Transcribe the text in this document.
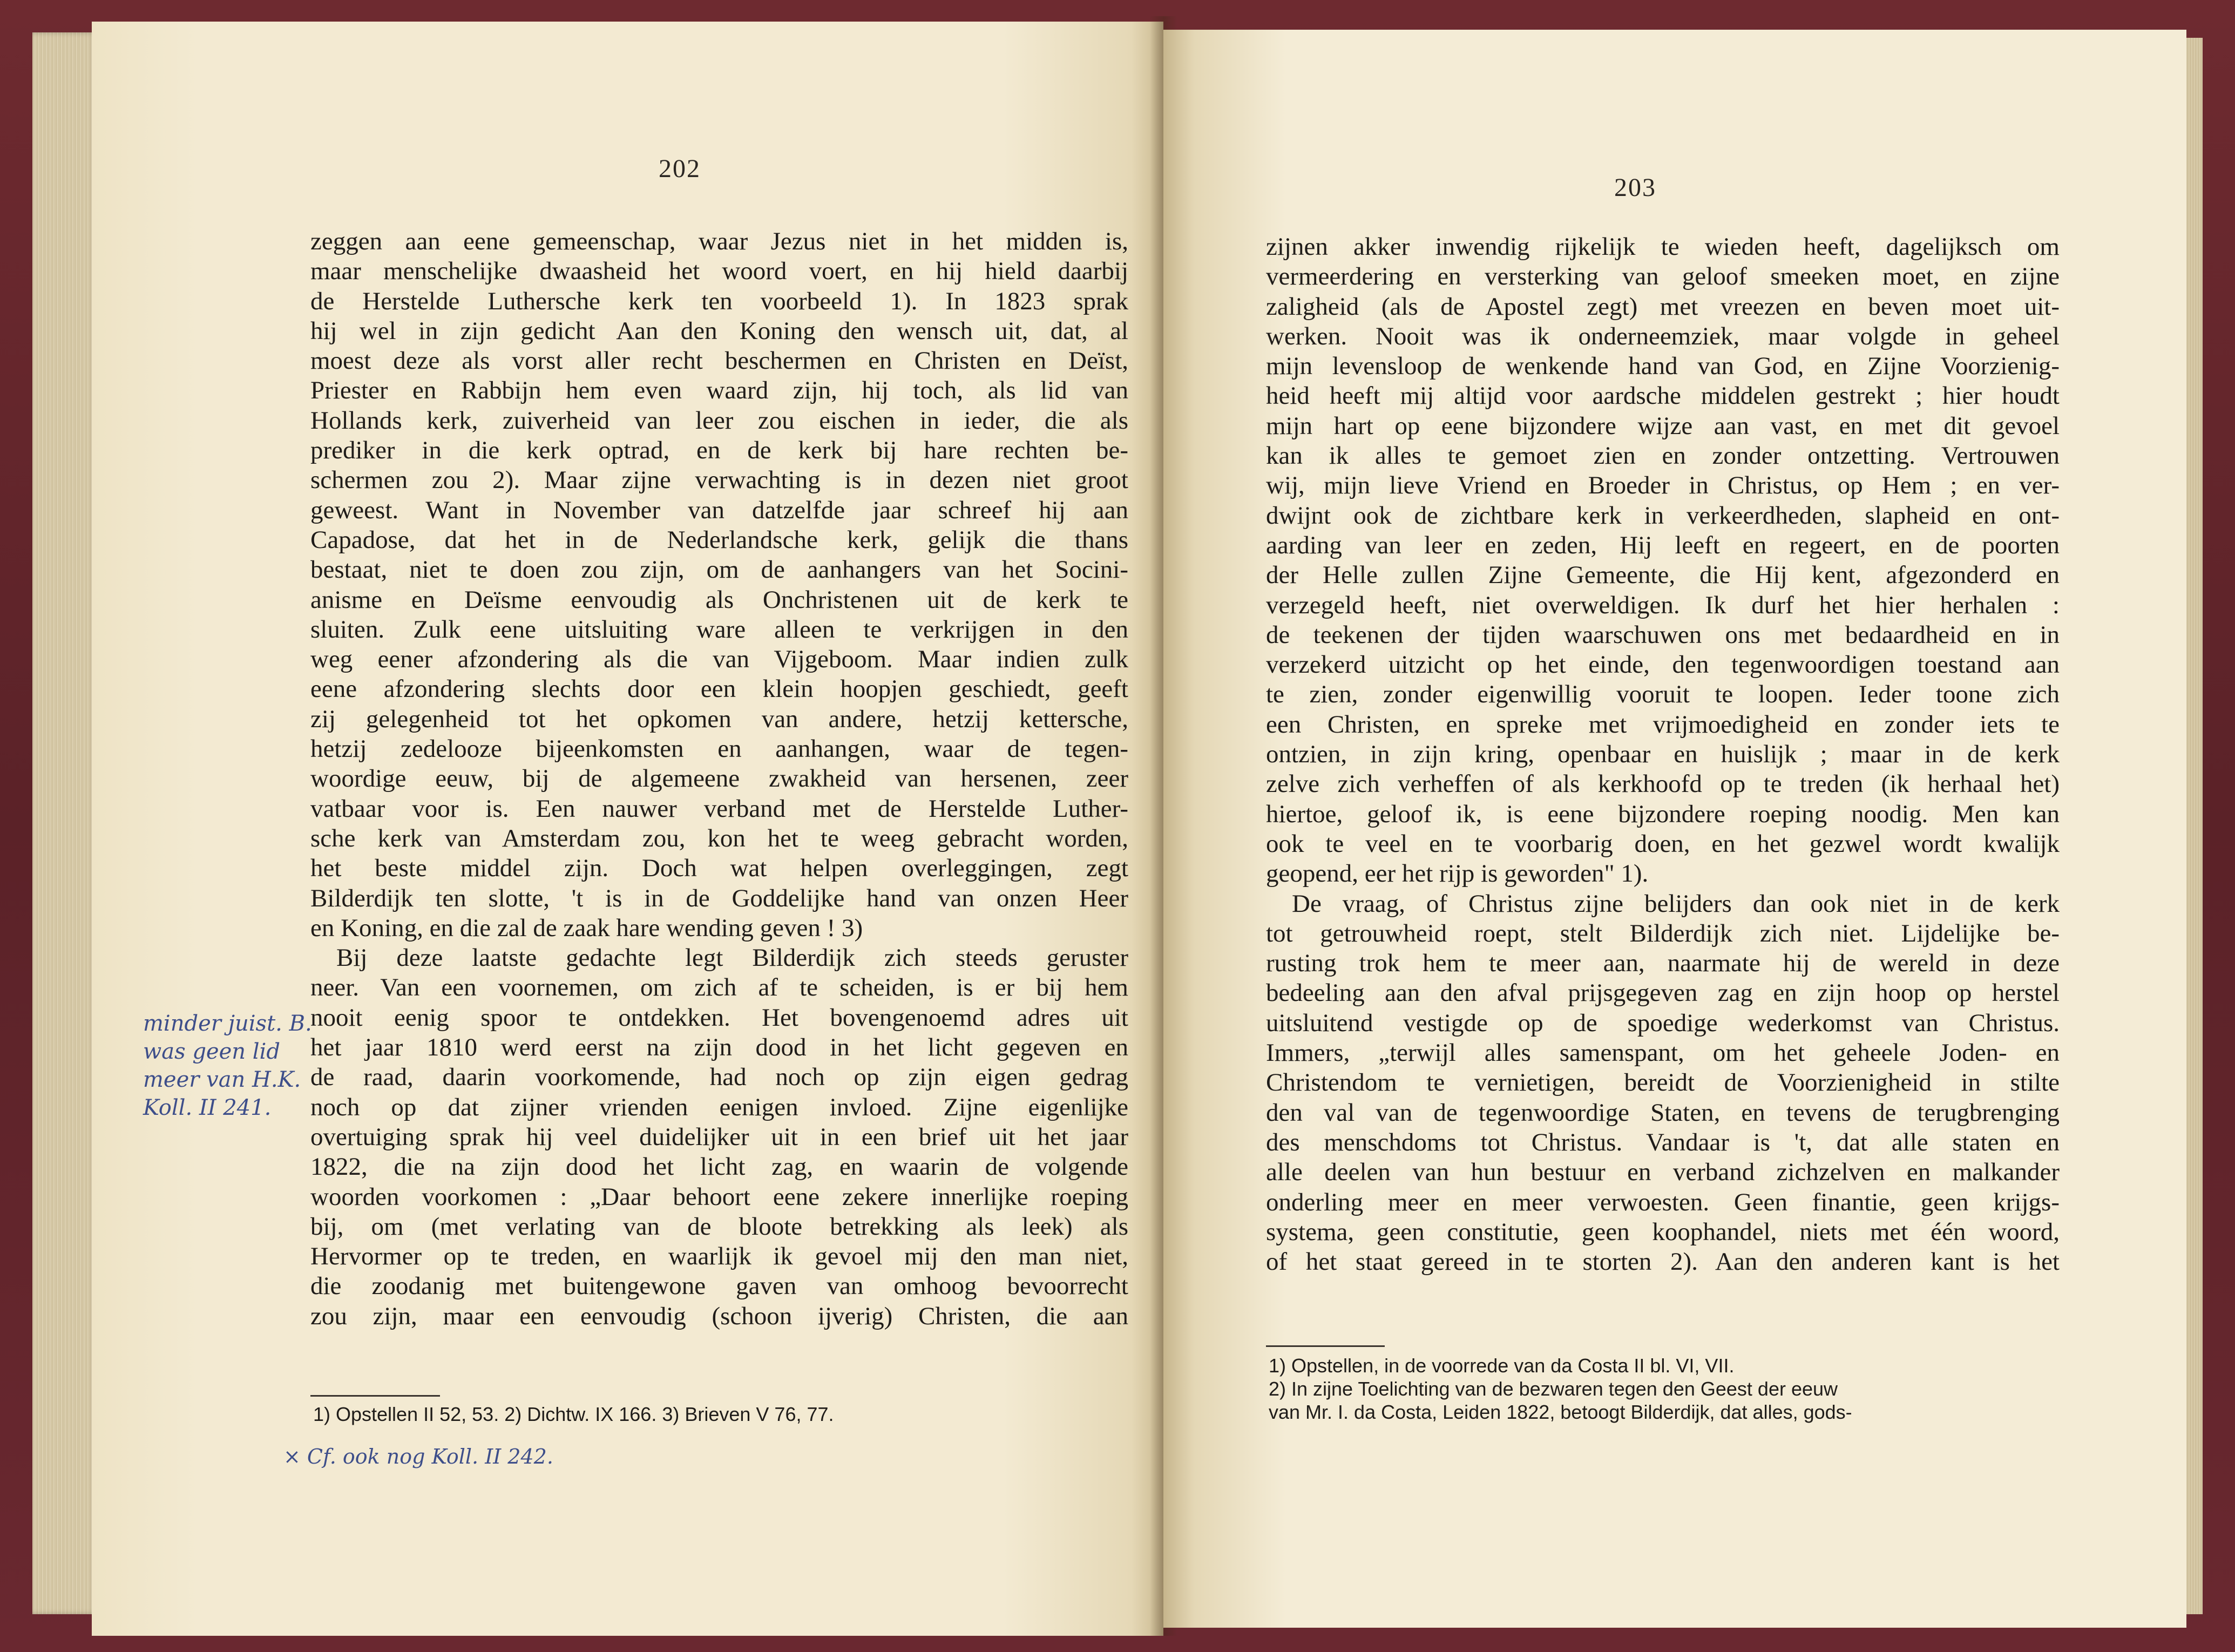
202
zeggen aan eene gemeenschap, waar Jezus niet in het midden is,
maar menschelijke dwaasheid het woord voert, en hij hield daarbij
de Herstelde Luthersche kerk ten voorbeeld 1). In 1823 sprak
hij wel in zijn gedicht Aan den Koning den wensch uit, dat, al
moest deze als vorst aller recht beschermen en Christen en Deïst,
Priester en Rabbijn hem even waard zijn, hij toch, als lid van
Hollands kerk, zuiverheid van leer zou eischen in ieder, die als
prediker in die kerk optrad, en de kerk bij hare rechten be-
schermen zou 2). Maar zijne verwachting is in dezen niet groot
geweest. Want in November van datzelfde jaar schreef hij aan
Capadose, dat het in de Nederlandsche kerk, gelijk die thans
bestaat, niet te doen zou zijn, om de aanhangers van het Socini-
anisme en Deïsme eenvoudig als Onchristenen uit de kerk te
sluiten. Zulk eene uitsluiting ware alleen te verkrijgen in den
weg eener afzondering als die van Vijgeboom. Maar indien zulk
eene afzondering slechts door een klein hoopjen geschiedt, geeft
zij gelegenheid tot het opkomen van andere, hetzij kettersche,
hetzij zedelooze bijeenkomsten en aanhangen, waar de tegen-
woordige eeuw, bij de algemeene zwakheid van hersenen, zeer
vatbaar voor is. Een nauwer verband met de Herstelde Luther-
sche kerk van Amsterdam zou, kon het te weeg gebracht worden,
het beste middel zijn. Doch wat helpen overleggingen, zegt
Bilderdijk ten slotte, 't is in de Goddelijke hand van onzen Heer
en Koning, en die zal de zaak hare wending geven ! 3)
Bij deze laatste gedachte legt Bilderdijk zich steeds geruster
neer. Van een voornemen, om zich af te scheiden, is er bij hem
nooit eenig spoor te ontdekken. Het bovengenoemd adres uit
het jaar 1810 werd eerst na zijn dood in het licht gegeven en
de raad, daarin voorkomende, had noch op zijn eigen gedrag
noch op dat zijner vrienden eenigen invloed. Zijne eigenlijke
overtuiging sprak hij veel duidelijker uit in een brief uit het jaar
1822, die na zijn dood het licht zag, en waarin de volgende
woorden voorkomen : „Daar behoort eene zekere innerlijke roeping
bij, om (met verlating van de bloote betrekking als leek) als
Hervormer op te treden, en waarlijk ik gevoel mij den man niet,
die zoodanig met buitengewone gaven van omhoog bevoorrecht
zou zijn, maar een eenvoudig (schoon ijverig) Christen, die aan
1) Opstellen II 52, 53. 2) Dichtw. IX 166. 3) Brieven V 76, 77.
minder juist. B.
was geen lid
meer van H.K.
Koll. II 241.
× Cf. ook nog Koll. II 242.
203
zijnen akker inwendig rijkelijk te wieden heeft, dagelijksch om
vermeerdering en versterking van geloof smeeken moet, en zijne
zaligheid (als de Apostel zegt) met vreezen en beven moet uit-
werken. Nooit was ik onderneemziek, maar volgde in geheel
mijn levensloop de wenkende hand van God, en Zijne Voorzienig-
heid heeft mij altijd voor aardsche middelen gestrekt ; hier houdt
mijn hart op eene bijzondere wijze aan vast, en met dit gevoel
kan ik alles te gemoet zien en zonder ontzetting. Vertrouwen
wij, mijn lieve Vriend en Broeder in Christus, op Hem ; en ver-
dwijnt ook de zichtbare kerk in verkeerdheden, slapheid en ont-
aarding van leer en zeden, Hij leeft en regeert, en de poorten
der Helle zullen Zijne Gemeente, die Hij kent, afgezonderd en
verzegeld heeft, niet overweldigen. Ik durf het hier herhalen :
de teekenen der tijden waarschuwen ons met bedaardheid en in
verzekerd uitzicht op het einde, den tegenwoordigen toestand aan
te zien, zonder eigenwillig vooruit te loopen. Ieder toone zich
een Christen, en spreke met vrijmoedigheid en zonder iets te
ontzien, in zijn kring, openbaar en huislijk ; maar in de kerk
zelve zich verheffen of als kerkhoofd op te treden (ik herhaal het)
hiertoe, geloof ik, is eene bijzondere roeping noodig. Men kan
ook te veel en te voorbarig doen, en het gezwel wordt kwalijk
geopend, eer het rijp is geworden" 1).
De vraag, of Christus zijne belijders dan ook niet in de kerk
tot getrouwheid roept, stelt Bilderdijk zich niet. Lijdelijke be-
rusting trok hem te meer aan, naarmate hij de wereld in deze
bedeeling aan den afval prijsgegeven zag en zijn hoop op herstel
uitsluitend vestigde op de spoedige wederkomst van Christus.
Immers, „terwijl alles samenspant, om het geheele Joden- en
Christendom te vernietigen, bereidt de Voorzienigheid in stilte
den val van de tegenwoordige Staten, en tevens de terugbrenging
des menschdoms tot Christus. Vandaar is 't, dat alle staten en
alle deelen van hun bestuur en verband zichzelven en malkander
onderling meer en meer verwoesten. Geen finantie, geen krijgs-
systema, geen constitutie, geen koophandel, niets met één woord,
of het staat gereed in te storten 2). Aan den anderen kant is het
1) Opstellen, in de voorrede van da Costa II bl. VI, VII.
2) In zijne Toelichting van de bezwaren tegen den Geest der eeuw
van Mr. I. da Costa, Leiden 1822, betoogt Bilderdijk, dat alles, gods-
